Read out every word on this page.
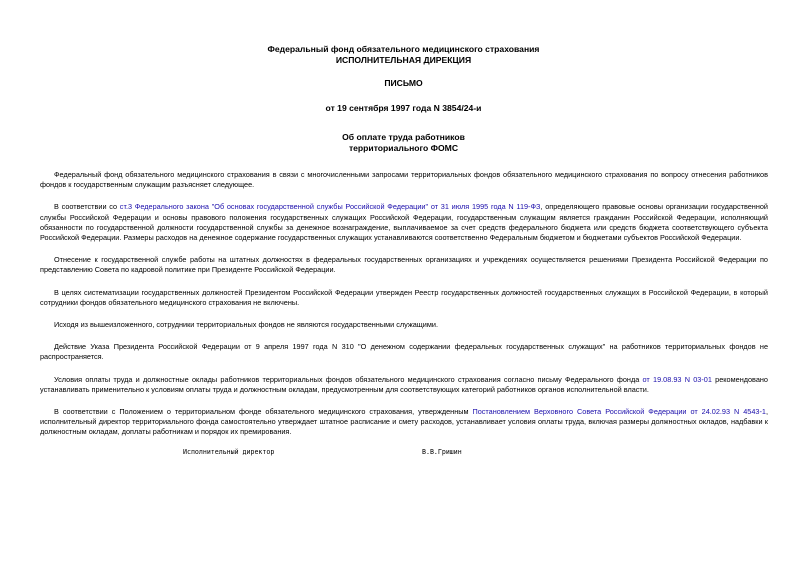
Федеральный фонд обязательного медицинского страхования
ИСПОЛНИТЕЛЬНАЯ ДИРЕКЦИЯ
ПИСЬМО
от 19 сентября 1997 года N 3854/24-и
Об оплате труда работников
территориального ФОМС

Федеральный фонд обязательного медицинского страхования в связи с многочисленными запросами территориальных фондов обязательного медицинского страхования по вопросу отнесения работников фондов к государственным служащим разъясняет следующее.

В соответствии со ст.3 Федерального закона "Об основах государственной службы Российской Федерации" от 31 июля 1995 года N 119-ФЗ, определяющего правовые основы организации государственной службы Российской Федерации и основы правового положения государственных служащих Российской Федерации, государственным служащим является гражданин Российской Федерации, исполняющий обязанности по государственной должности государственной службы за денежное вознаграждение, выплачиваемое за счет средств федерального бюджета или средств бюджета соответствующего субъекта Российской Федерации. Размеры расходов на денежное содержание государственных служащих устанавливаются соответственно Федеральным бюджетом и бюджетами субъектов Российской Федерации.

Отнесение к государственной службе работы на штатных должностях в федеральных государственных организациях и учреждениях осуществляется решениями Президента Российской Федерации по представлению Совета по кадровой политике при Президенте Российской Федерации.

В целях систематизации государственных должностей Президентом Российской Федерации утвержден Реестр государственных должностей государственных служащих в Российской Федерации, в который сотрудники фондов обязательного медицинского страхования не включены.

Исходя из вышеизложенного, сотрудники территориальных фондов не являются государственными служащими.

Действие Указа Президента Российской Федерации от 9 апреля 1997 года N 310 "О денежном содержании федеральных государственных служащих" на работников территориальных фондов не распространяется.

Условия оплаты труда и должностные оклады работников территориальных фондов обязательного медицинского страхования согласно письму Федерального фонда от 19.08.93 N 03-01 рекомендовано устанавливать применительно к условиям оплаты труда и должностным окладам, предусмотренным для соответствующих категорий работников органов исполнительной власти.

В соответствии с Положением о территориальном фонде обязательного медицинского страхования, утвержденным Постановлением Верховного Совета Российской Федерации от 24.02.93 N 4543-1, исполнительный директор территориального фонда самостоятельно утверждает штатное расписание и смету расходов, устанавливает условия оплаты труда, включая размеры должностных окладов, надбавки к должностным окладам, доплаты работникам и порядок их премирования.

Исполнительный директор	В.В.Гришин
